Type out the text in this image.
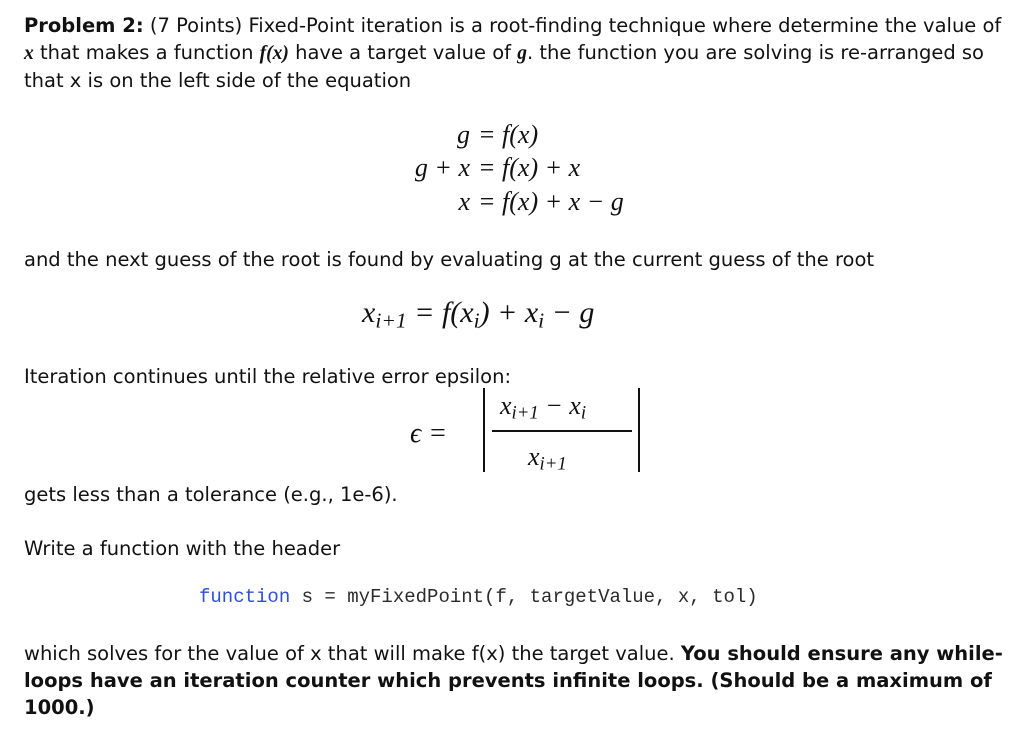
Problem 2: (7 Points) Fixed-Point iteration is a root-finding technique where determine the value of x that makes a function f(x) have a target value of g. the function you are solving is re-arranged so that x is on the left side of the equation

g = f(x)
g + x = f(x) + x
x = f(x) + x − g

and the next guess of the root is found by evaluating g at the current guess of the root

$x_{i+1} = f(x_i) + x_i - g$

Iteration continues until the relative error epsilon:

ϵ =
$x_{i+1} - x_i$
$x_{i+1}$

gets less than a tolerance (e.g., 1e-6).

Write a function with the header

function s = myFixedPoint(f, targetValue, x, tol)

which solves for the value of x that will make f(x) the target value. You should ensure any while-loops have an iteration counter which prevents infinite loops. (Should be a maximum of 1000.)
